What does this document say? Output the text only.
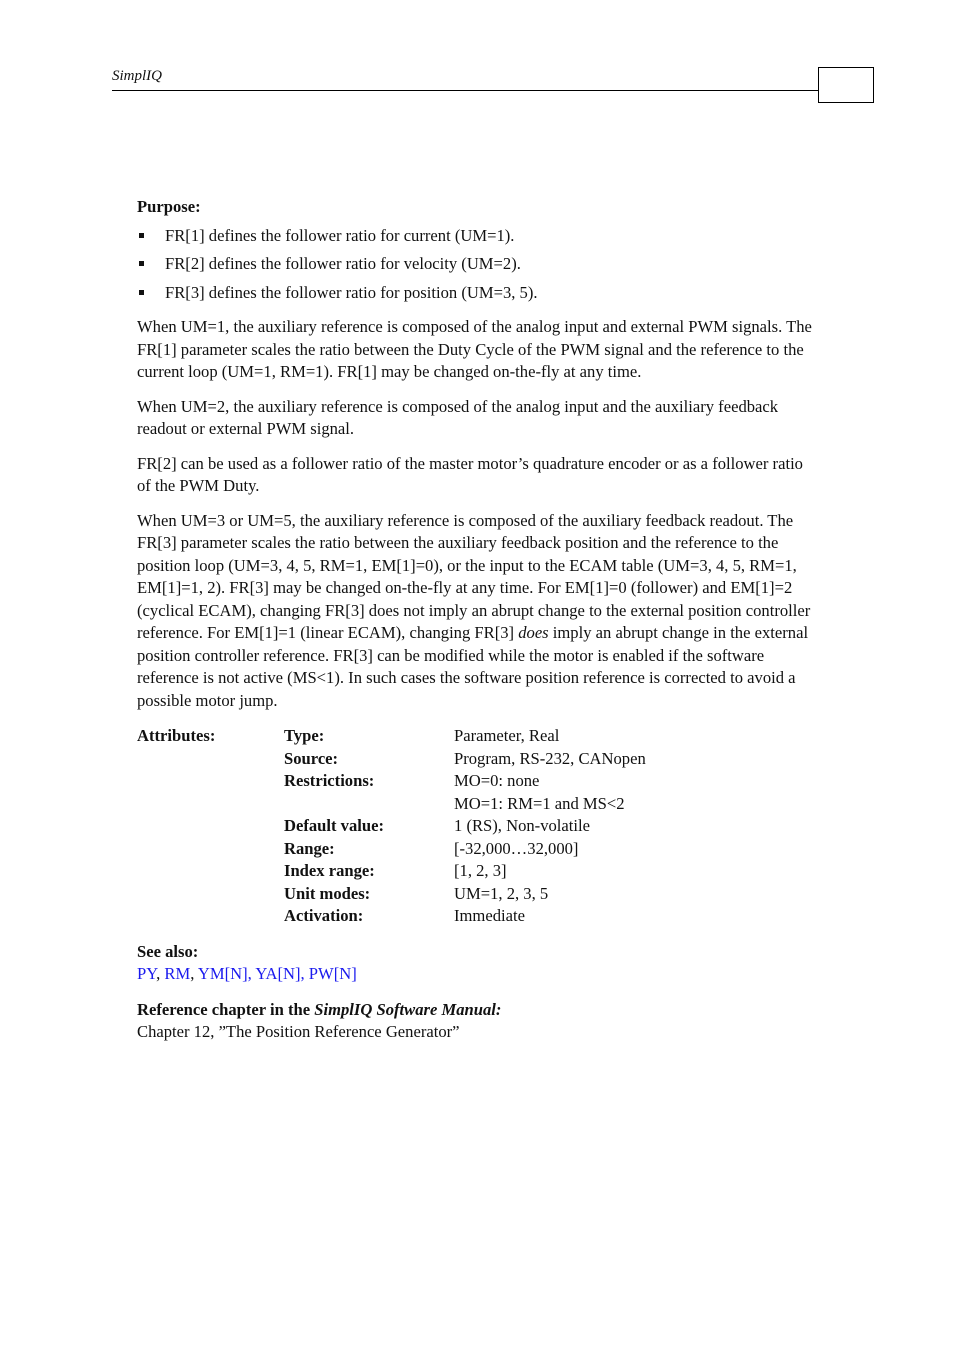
SimplIQ
Purpose:
FR[1] defines the follower ratio for current (UM=1).
FR[2] defines the follower ratio for velocity (UM=2).
FR[3] defines the follower ratio for position (UM=3, 5).

When UM=1, the auxiliary reference is composed of the analog input and external PWM signals. The FR[1] parameter scales the ratio between the Duty Cycle of the PWM signal and the reference to the current loop (UM=1, RM=1). FR[1] may be changed on-the-fly at any time.

When UM=2, the auxiliary reference is composed of the analog input and the auxiliary feedback readout or external PWM signal.

FR[2] can be used as a follower ratio of the master motor’s quadrature encoder or as a follower ratio of the PWM Duty.

When UM=3 or UM=5, the auxiliary reference is composed of the auxiliary feedback readout. The FR[3] parameter scales the ratio between the auxiliary feedback position and the reference to the position loop (UM=3, 4, 5, RM=1, EM[1]=0), or the input to the ECAM table (UM=3, 4, 5, RM=1, EM[1]=1, 2). FR[3] may be changed on-the-fly at any time. For EM[1]=0 (follower) and EM[1]=2 (cyclical ECAM), changing FR[3] does not imply an abrupt change to the external position controller reference. For EM[1]=1 (linear ECAM), changing FR[3] does imply an abrupt change in the external position controller reference. FR[3] can be modified while the motor is enabled if the software reference is not active (MS<1). In such cases the software position reference is corrected to avoid a possible motor jump.

Attributes:	Type:	Parameter, Real
Source:	Program, RS-232, CANopen
Restrictions:	MO=0: none
MO=1: RM=1 and MS<2
Default value:	1 (RS), Non-volatile
Range:	[-32,000…32,000]
Index range:	[1, 2, 3]
Unit modes:	UM=1, 2, 3, 5
Activation:	Immediate
See also:
PY, RM, YM[N], YA[N], PW[N]
Reference chapter in the SimplIQ Software Manual:
Chapter 12, ”The Position Reference Generator”
